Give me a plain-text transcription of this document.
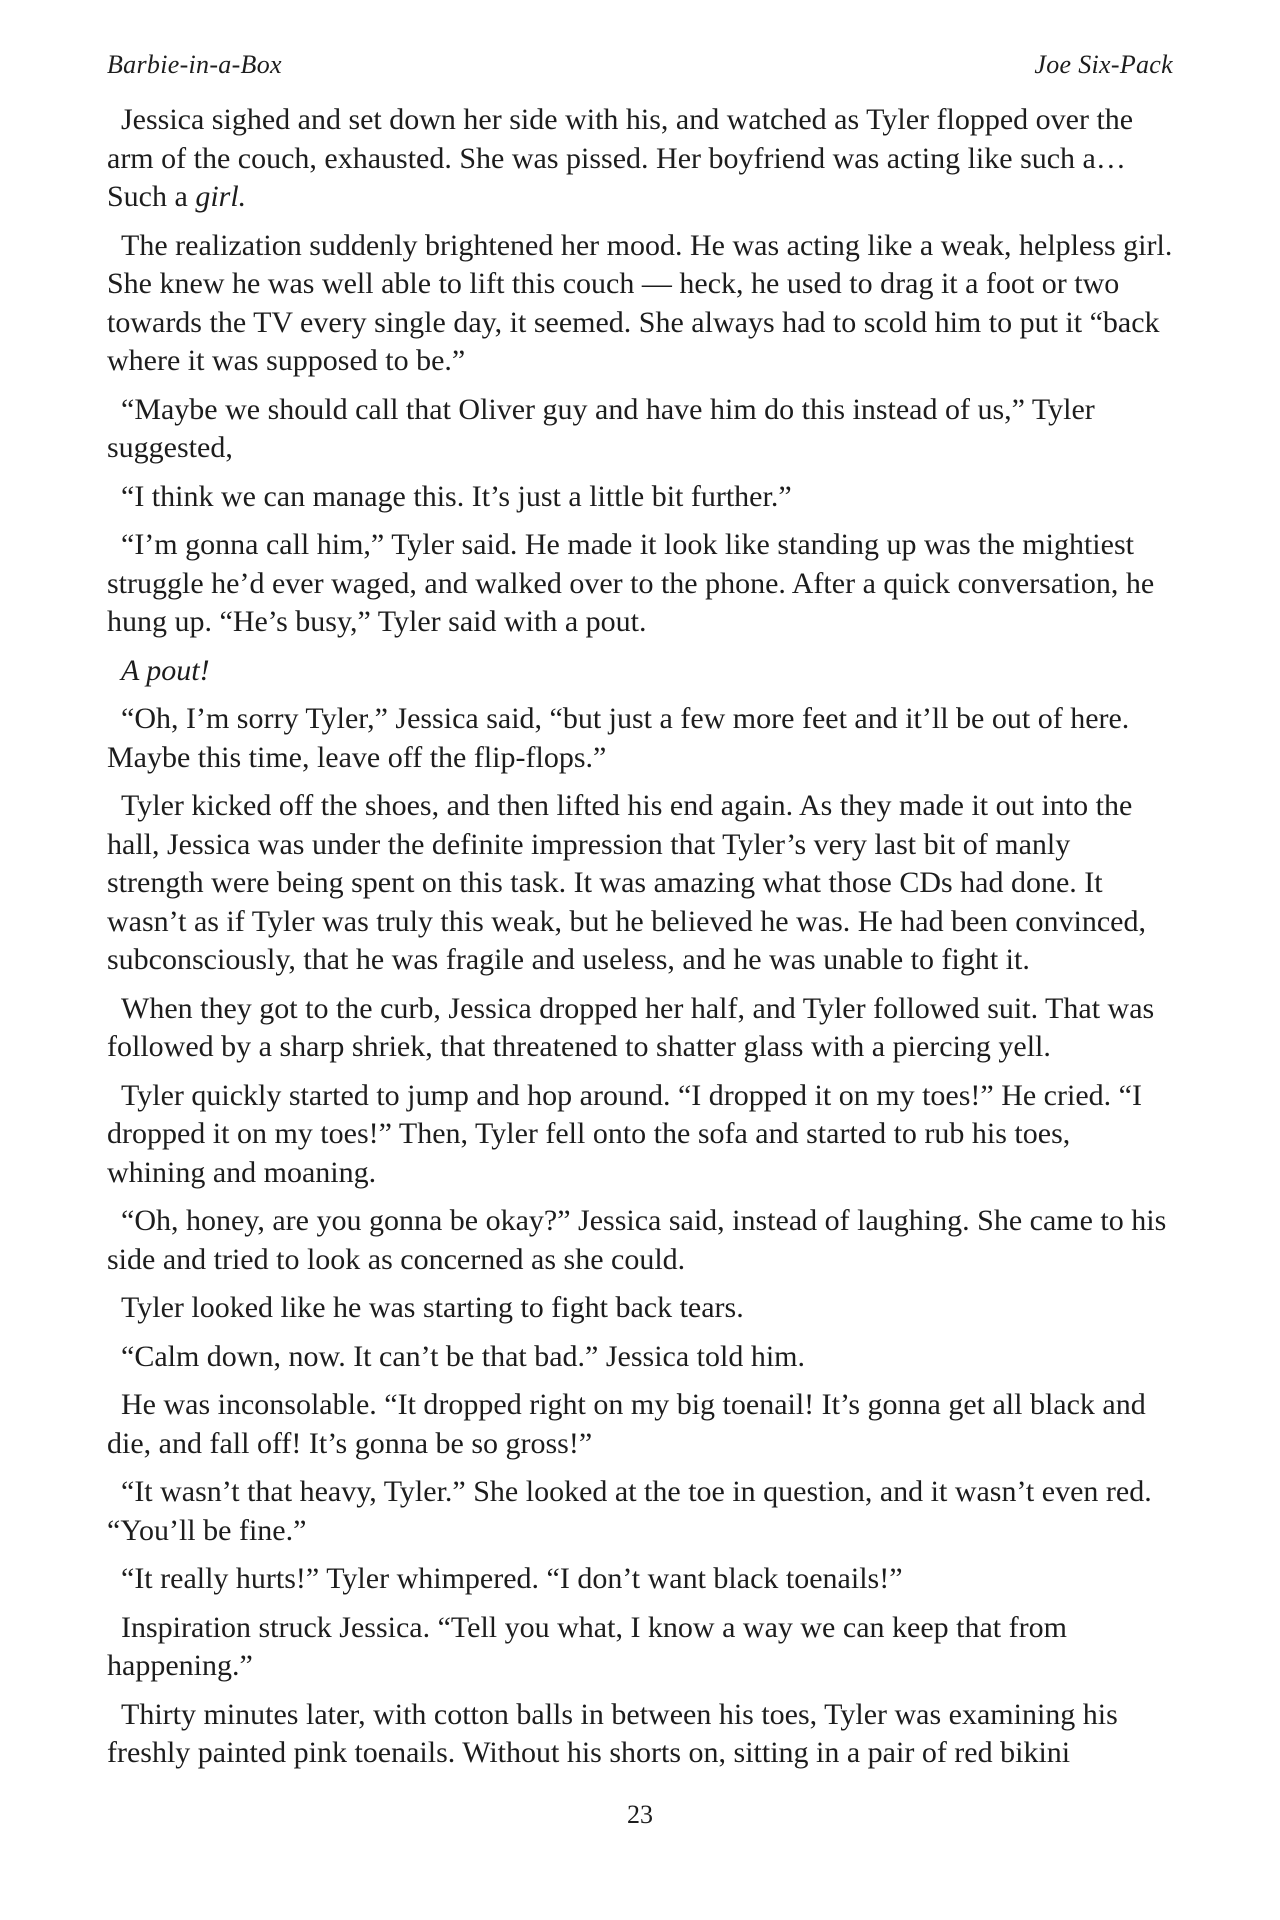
Barbie-in-a-Box	Joe Six-Pack

Jessica sighed and set down her side with his, and watched as Tyler flopped over the arm of the couch, exhausted. She was pissed. Her boyfriend was acting like such a… Such a girl.

The realization suddenly brightened her mood. He was acting like a weak, helpless girl. She knew he was well able to lift this couch — heck, he used to drag it a foot or two towards the TV every single day, it seemed. She always had to scold him to put it “back where it was supposed to be.”

“Maybe we should call that Oliver guy and have him do this instead of us,” Tyler suggested,

“I think we can manage this. It’s just a little bit further.”

“I’m gonna call him,” Tyler said. He made it look like standing up was the mightiest struggle he’d ever waged, and walked over to the phone. After a quick conversation, he hung up. “He’s busy,” Tyler said with a pout.

A pout!

“Oh, I’m sorry Tyler,” Jessica said, “but just a few more feet and it’ll be out of here. Maybe this time, leave off the flip-flops.”

Tyler kicked off the shoes, and then lifted his end again. As they made it out into the hall, Jessica was under the definite impression that Tyler’s very last bit of manly strength were being spent on this task. It was amazing what those CDs had done. It wasn’t as if Tyler was truly this weak, but he believed he was. He had been convinced, subconsciously, that he was fragile and useless, and he was unable to fight it.

When they got to the curb, Jessica dropped her half, and Tyler followed suit. That was followed by a sharp shriek, that threatened to shatter glass with a piercing yell.

Tyler quickly started to jump and hop around. “I dropped it on my toes!” He cried. “I dropped it on my toes!” Then, Tyler fell onto the sofa and started to rub his toes, whining and moaning.

“Oh, honey, are you gonna be okay?” Jessica said, instead of laughing. She came to his side and tried to look as concerned as she could.

Tyler looked like he was starting to fight back tears.

“Calm down, now. It can’t be that bad.” Jessica told him.

He was inconsolable. “It dropped right on my big toenail! It’s gonna get all black and die, and fall off! It’s gonna be so gross!”

“It wasn’t that heavy, Tyler.” She looked at the toe in question, and it wasn’t even red. “You’ll be fine.”

“It really hurts!” Tyler whimpered. “I don’t want black toenails!”

Inspiration struck Jessica. “Tell you what, I know a way we can keep that from happening.”

Thirty minutes later, with cotton balls in between his toes, Tyler was examining his freshly painted pink toenails. Without his shorts on, sitting in a pair of red bikini

23
